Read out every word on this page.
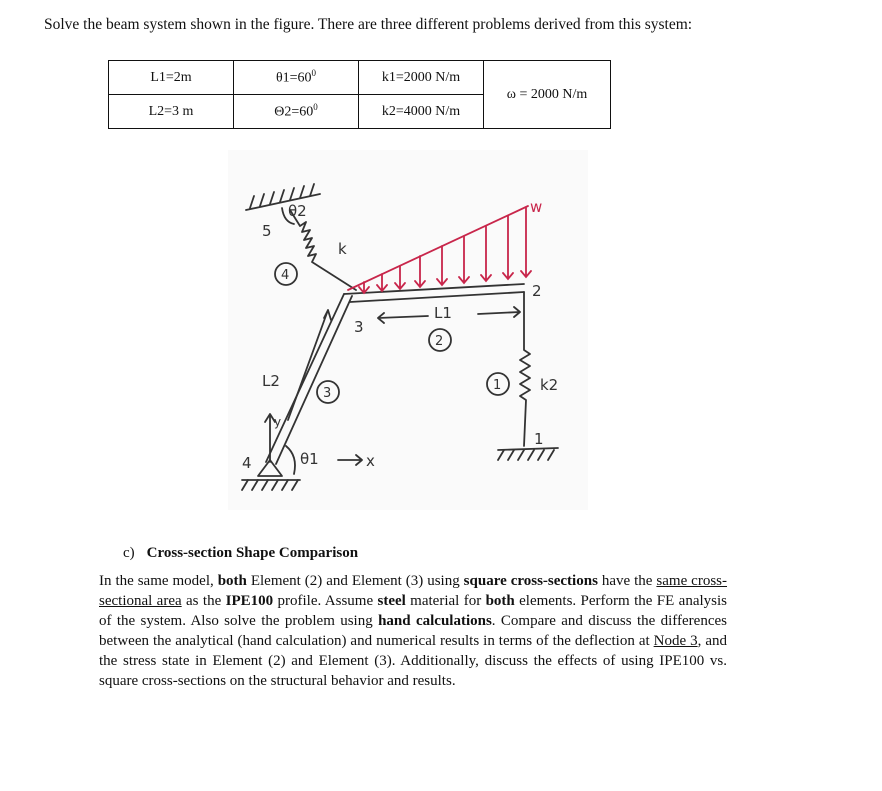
Solve the beam system shown in the figure. There are three different problems derived from this system:
L1=2m	$\theta 1=60^0$	k1=2000 N/m	ω = 2000 N/m
L2=3 m	$\Theta 2=60^0$	k2=4000 N/m	
5
θ2
k
4
3
L1
2
w
2
L2
3
1	k2
1
y
4	θ1	x
c) Cross-section Shape Comparison
In the same model, both Element (2) and Element (3) using square cross-sections have the same cross-sectional area as the IPE100 profile. Assume steel material for both elements. Perform the FE analysis of the system. Also solve the problem using hand calculations. Compare and discuss the differences between the analytical (hand calculation) and numerical results in terms of the deflection at Node 3, and the stress state in Element (2) and Element (3). Additionally, discuss the effects of using IPE100 vs. square cross-sections on the structural behavior and results.
